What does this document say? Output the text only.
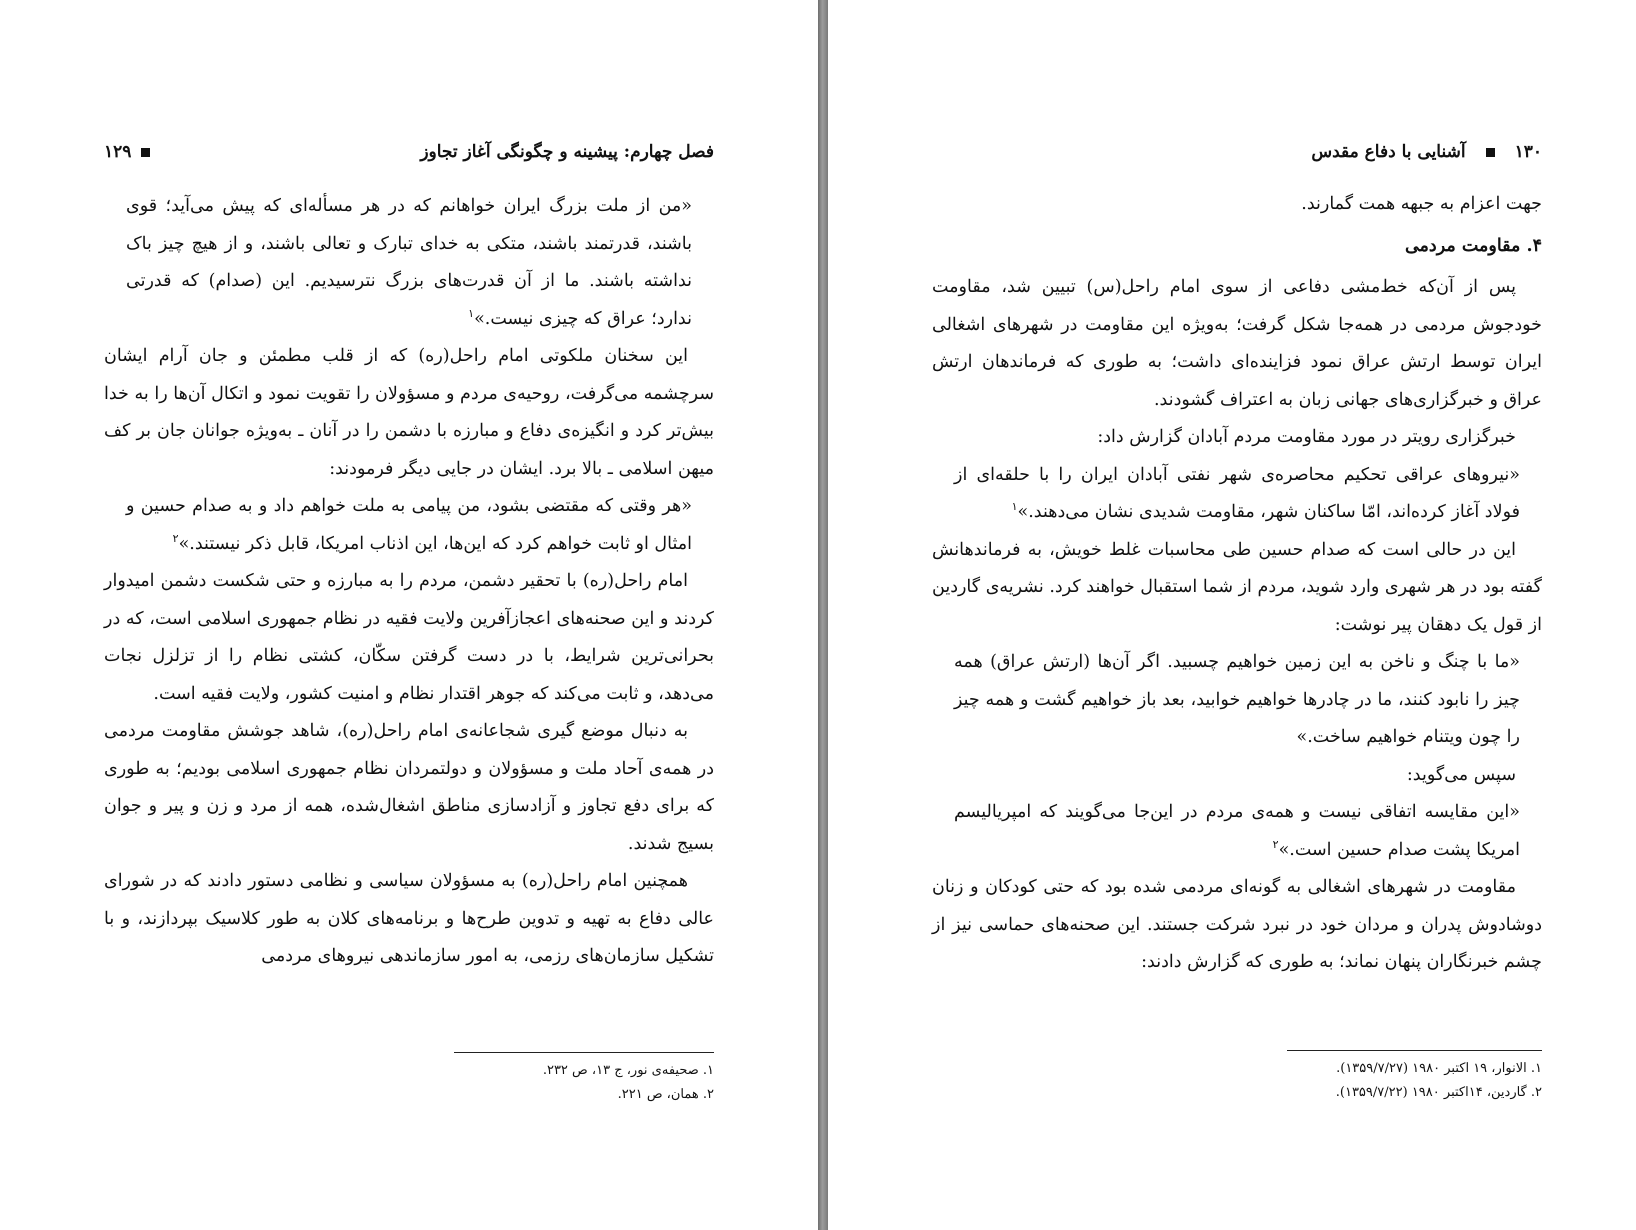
فصل چهارم: پیشینه و چگونگی آغاز تجاوز
۱۲۹

«من از ملت بزرگ ایران خواهانم که در هر مسأله‌ای که پیش می‌آید؛ قوی باشند، قدرتمند باشند، متکی به خدای تبارک و تعالی باشند، و از هیچ چیز باک نداشته باشند. ما از آن قدرت‌های بزرگ نترسیدیم. این (صدام) که قدرتی ندارد؛ عراق که چیزی نیست.»$^۱$

این سخنان ملکوتی امام راحل(ره) که از قلب مطمئن و جان آرام ایشان سرچشمه می‌گرفت، روحیه‌ی مردم و مسؤولان را تقویت نمود و اتکال آن‌ها را به خدا بیش‌تر کرد و انگیزه‌ی دفاع و مبارزه با دشمن را در آنان ـ به‌ویژه جوانان جان بر کف میهن اسلامی ـ بالا برد. ایشان در جایی دیگر فرمودند:

«هر وقتی که مقتضی بشود، من پیامی به ملت خواهم داد و به صدام حسین و امثال او ثابت خواهم کرد که این‌ها، این اذناب امریکا، قابل ذکر نیستند.»$^۲$

امام راحل(ره) با تحقیر دشمن، مردم را به مبارزه و حتی شکست دشمن امیدوار کردند و این صحنه‌های اعجازآفرین ولایت فقیه در نظام جمهوری اسلامی است، که در بحرانی‌ترین شرایط، با در دست گرفتن سکّان، کشتی نظام را از تزلزل نجات می‌دهد، و ثابت می‌کند که جوهر اقتدار نظام و امنیت کشور، ولایت فقیه است.

به دنبال موضع گیری شجاعانه‌ی امام راحل(ره)، شاهد جوشش مقاومت مردمی در همه‌ی آحاد ملت و مسؤولان و دولتمردان نظام جمهوری اسلامی بودیم؛ به طوری که برای دفع تجاوز و آزادسازی مناطق اشغال‌شده، همه از مرد و زن و پیر و جوان بسیج شدند.

همچنین امام راحل(ره) به مسؤولان سیاسی و نظامی دستور دادند که در شورای عالی دفاع به تهیه و تدوین طرح‌ها و برنامه‌های کلان به طور کلاسیک بپردازند، و با تشکیل سازمان‌های رزمی، به امور سازماندهی نیروهای مردمی

۱. صحیفه‌ی نور، ج ۱۳، ص ۲۳۲.

۲. همان، ص ۲۲۱.

۱۳۰
آشنایی با دفاع مقدس

جهت اعزام به جبهه همت گمارند.

۴. مقاومت مردمی

پس از آن‌که خط‌مشی دفاعی از سوی امام راحل(س) تبیین شد، مقاومت خودجوش مردمی در همه‌جا شکل گرفت؛ به‌ویژه این مقاومت در شهرهای اشغالی ایران توسط ارتش عراق نمود فزاینده‌ای داشت؛ به طوری که فرماندهان ارتش عراق و خبرگزاری‌های جهانی زبان به اعتراف گشودند.

خبرگزاری رویتر در مورد مقاومت مردم آبادان گزارش داد:

«نیروهای عراقی تحکیم محاصره‌ی شهر نفتی آبادان ایران را با حلقه‌ای از فولاد آغاز کرده‌اند، امّا ساکنان شهر، مقاومت شدیدی نشان می‌دهند.»$^۱$

این در حالی است که صدام حسین طی محاسبات غلط خویش، به فرماندهانش گفته بود در هر شهری وارد شوید، مردم از شما استقبال خواهند کرد. نشریه‌ی گاردین از قول یک دهقان پیر نوشت:

«ما با چنگ و ناخن به این زمین خواهیم چسبید. اگر آن‌ها (ارتش عراق) همه چیز را نابود کنند، ما در چادرها خواهیم خوابید، بعد باز خواهیم گشت و همه چیز را چون ویتنام خواهیم ساخت.»

سپس می‌گوید:

«این مقایسه اتفاقی نیست و همه‌ی مردم در این‌جا می‌گویند که امپریالیسم امریکا پشت صدام حسین است.»$^۲$

مقاومت در شهرهای اشغالی به گونه‌ای مردمی شده بود که حتی کودکان و زنان دوشادوش پدران و مردان خود در نبرد شرکت جستند. این صحنه‌های حماسی نیز از چشم خبرنگاران پنهان نماند؛ به طوری که گزارش دادند:

۱. الانوار، ۱۹ اکتبر ۱۹۸۰ (۱۳۵۹/۷/۲۷).

۲. گاردین، ۱۴اکتبر ۱۹۸۰ (۱۳۵۹/۷/۲۲).
